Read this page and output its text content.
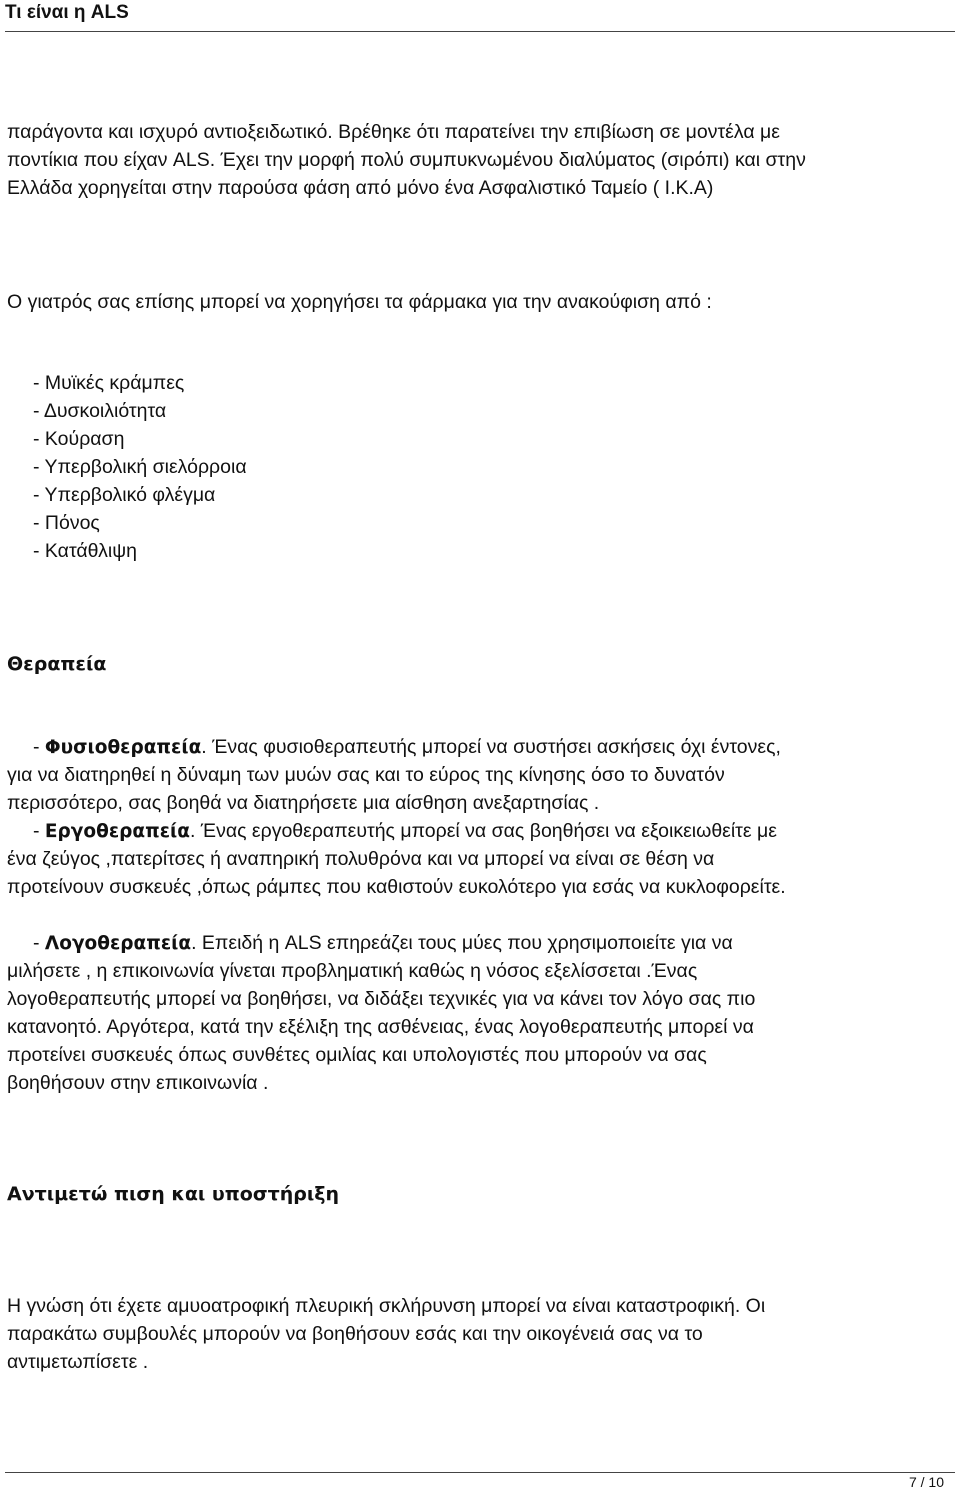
Τι είναι η ALS
παράγοντα και ισχυρό αντιοξειδωτικό. Βρέθηκε ότι παρατείνει την επιβίωση σε μοντέλα με
ποντίκια που είχαν ALS. Έχει την μορφή πολύ συμπυκνωμένου διαλύματος (σιρόπι) και στην
Ελλάδα χορηγείται στην παρούσα φάση από μόνο ένα Ασφαλιστικό Ταμείο ( Ι.Κ.Α)
Ο γιατρός σας επίσης μπορεί να χορηγήσει τα φάρμακα για την ανακούφιση από :
- Μυϊκές κράμπες
- Δυσκοιλιότητα
- Κούραση
- Υπερβολική σιελόρροια
- Υπερβολικό φλέγμα
- Πόνος
- Κατάθλιψη
Θεραπεία
- Φυσιοθεραπεία. Ένας φυσιοθεραπευτής μπορεί να συστήσει ασκήσεις όχι έντονες,
για να διατηρηθεί η δύναμη των μυών σας και το εύρος της κίνησης όσο το δυνατόν
περισσότερο, σας βοηθά να διατηρήσετε μια αίσθηση ανεξαρτησίας .
- Εργοθεραπεία. Ένας εργοθεραπευτής μπορεί να σας βοηθήσει να εξοικειωθείτε με
ένα ζεύγος ,πατερίτσες ή αναπηρική πολυθρόνα και να μπορεί να είναι σε θέση να
προτείνουν συσκευές ,όπως ράμπες που καθιστούν ευκολότερο για εσάς να κυκλοφορείτε.
- Λογοθεραπεία. Επειδή η ALS επηρεάζει τους μύες που χρησιμοποιείτε για να
μιλήσετε , η επικοινωνία γίνεται προβληματική καθώς η νόσος εξελίσσεται .Ένας
λογοθεραπευτής μπορεί να βοηθήσει, να διδάξει τεχνικές για να κάνει τον λόγο σας πιο
κατανοητό. Αργότερα, κατά την εξέλιξη της ασθένειας, ένας λογοθεραπευτής μπορεί να
προτείνει συσκευές όπως συνθέτες ομιλίας και υπολογιστές που μπορούν να σας
βοηθήσουν στην επικοινωνία .
Αντιμετώ πιση και υποστήριξη
Η γνώση ότι έχετε αμυοατροφική πλευρική σκλήρυνση μπορεί να είναι καταστροφική. Οι
παρακάτω συμβουλές μπορούν να βοηθήσουν εσάς και την οικογένειά σας να το
αντιμετωπίσετε .
7 / 10
